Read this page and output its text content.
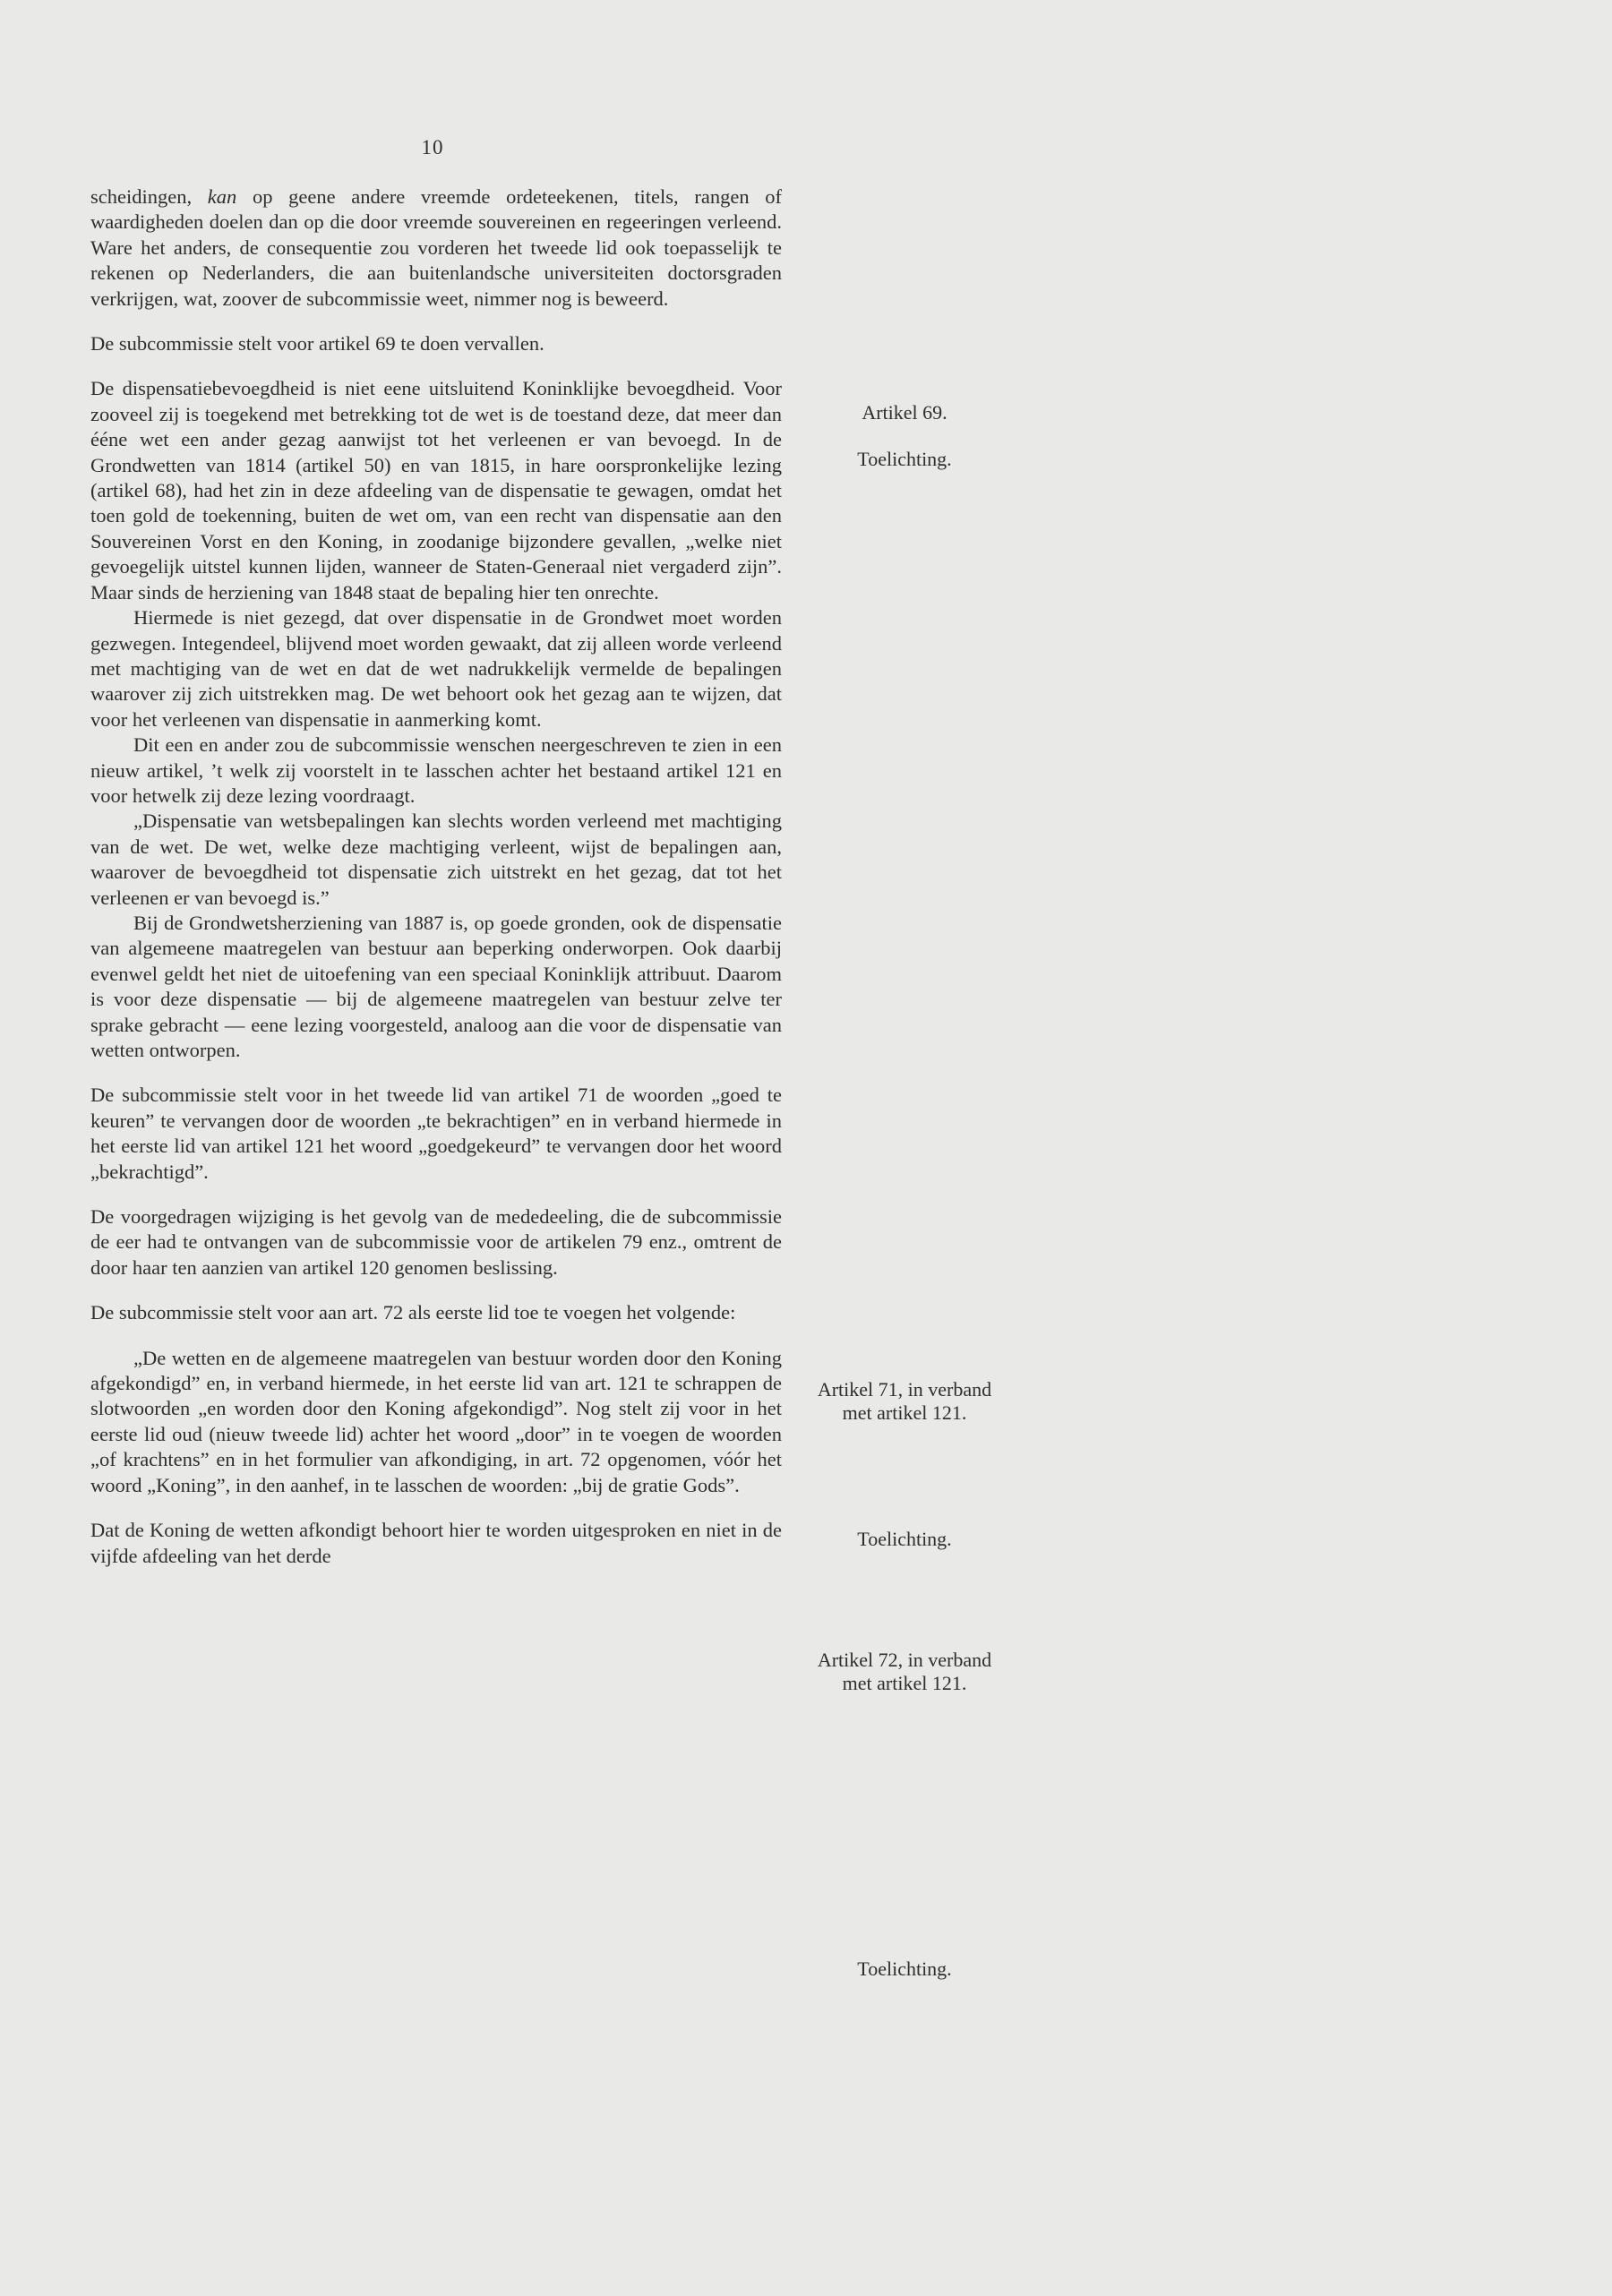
10

scheidingen, kan op geene andere vreemde ordeteekenen, titels, rangen of waardigheden doelen dan op die door vreemde souvereinen en regeeringen verleend. Ware het anders, de consequentie zou vorderen het tweede lid ook toepasselijk te rekenen op Nederlanders, die aan buitenlandsche universiteiten doctorsgraden verkrijgen, wat, zoover de subcommissie weet, nimmer nog is beweerd.

De subcommissie stelt voor artikel 69 te doen vervallen.

De dispensatiebevoegdheid is niet eene uitsluitend Koninklijke bevoegdheid. Voor zooveel zij is toegekend met betrekking tot de wet is de toestand deze, dat meer dan ééne wet een ander gezag aanwijst tot het verleenen er van bevoegd. In de Grondwetten van 1814 (artikel 50) en van 1815, in hare oorspronkelijke lezing (artikel 68), had het zin in deze afdeeling van de dispensatie te gewagen, omdat het toen gold de toekenning, buiten de wet om, van een recht van dispensatie aan den Souvereinen Vorst en den Koning, in zoodanige bijzondere gevallen, „welke niet gevoegelijk uitstel kunnen lijden, wanneer de Staten-Generaal niet vergaderd zijn”. Maar sinds de herziening van 1848 staat de bepaling hier ten onrechte.

Hiermede is niet gezegd, dat over dispensatie in de Grondwet moet worden gezwegen. Integendeel, blijvend moet worden gewaakt, dat zij alleen worde verleend met machtiging van de wet en dat de wet nadrukkelijk vermelde de bepalingen waarover zij zich uitstrekken mag. De wet behoort ook het gezag aan te wijzen, dat voor het verleenen van dispensatie in aanmerking komt.

Dit een en ander zou de subcommissie wenschen neergeschreven te zien in een nieuw artikel, ’t welk zij voorstelt in te lasschen achter het bestaand artikel 121 en voor hetwelk zij deze lezing voordraagt.

„Dispensatie van wetsbepalingen kan slechts worden verleend met machtiging van de wet. De wet, welke deze machtiging verleent, wijst de bepalingen aan, waarover de bevoegdheid tot dispensatie zich uitstrekt en het gezag, dat tot het verleenen er van bevoegd is.”

Bij de Grondwetsherziening van 1887 is, op goede gronden, ook de dispensatie van algemeene maatregelen van bestuur aan beperking onderworpen. Ook daarbij evenwel geldt het niet de uitoefening van een speciaal Koninklijk attribuut. Daarom is voor deze dispensatie — bij de algemeene maatregelen van bestuur zelve ter sprake gebracht — eene lezing voorgesteld, analoog aan die voor de dispensatie van wetten ontworpen.

De subcommissie stelt voor in het tweede lid van artikel 71 de woorden „goed te keuren” te vervangen door de woorden „te bekrachtigen” en in verband hiermede in het eerste lid van artikel 121 het woord „goedgekeurd” te vervangen door het woord „bekrachtigd”.

De voorgedragen wijziging is het gevolg van de mededeeling, die de subcommissie de eer had te ontvangen van de subcommissie voor de artikelen 79 enz., omtrent de door haar ten aanzien van artikel 120 genomen beslissing.

De subcommissie stelt voor aan art. 72 als eerste lid toe te voegen het volgende:

„De wetten en de algemeene maatregelen van bestuur worden door den Koning afgekondigd” en, in verband hiermede, in het eerste lid van art. 121 te schrappen de slotwoorden „en worden door den Koning afgekondigd”. Nog stelt zij voor in het eerste lid oud (nieuw tweede lid) achter het woord „door” in te voegen de woorden „of krachtens” en in het formulier van afkondiging, in art. 72 opgenomen, vóór het woord „Koning”, in den aanhef, in te lasschen de woorden: „bij de gratie Gods”.

Dat de Koning de wetten afkondigt behoort hier te worden uitgesproken en niet in de vijfde afdeeling van het derde

Artikel 69.
Toelichting.
Artikel 71, in verband
met artikel 121.
Toelichting.
Artikel 72, in verband
met artikel 121.
Toelichting.
